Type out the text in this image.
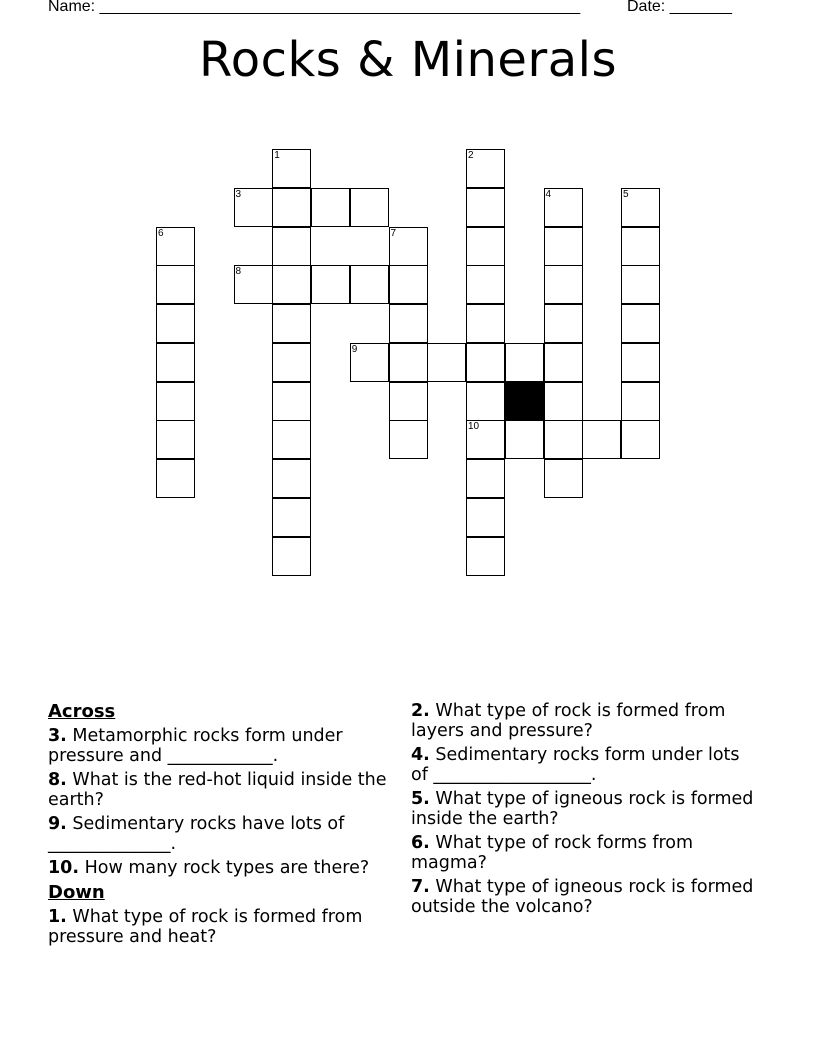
Name: ______________________________________________________	Date: _______
Rocks & Minerals
1	2
3	4	5
6	7
8
9
10
Across
3. Metamorphic rocks form under pressure and ____________.
8. What is the red-hot liquid inside the earth?
9. Sedimentary rocks have lots of ______________.
10. How many rock types are there?
Down
1. What type of rock is formed from pressure and heat?
2. What type of rock is formed from layers and pressure?
4. Sedimentary rocks form under lots of __________________.
5. What type of igneous rock is formed inside the earth?
6. What type of rock forms from magma?
7. What type of igneous rock is formed outside the volcano?
